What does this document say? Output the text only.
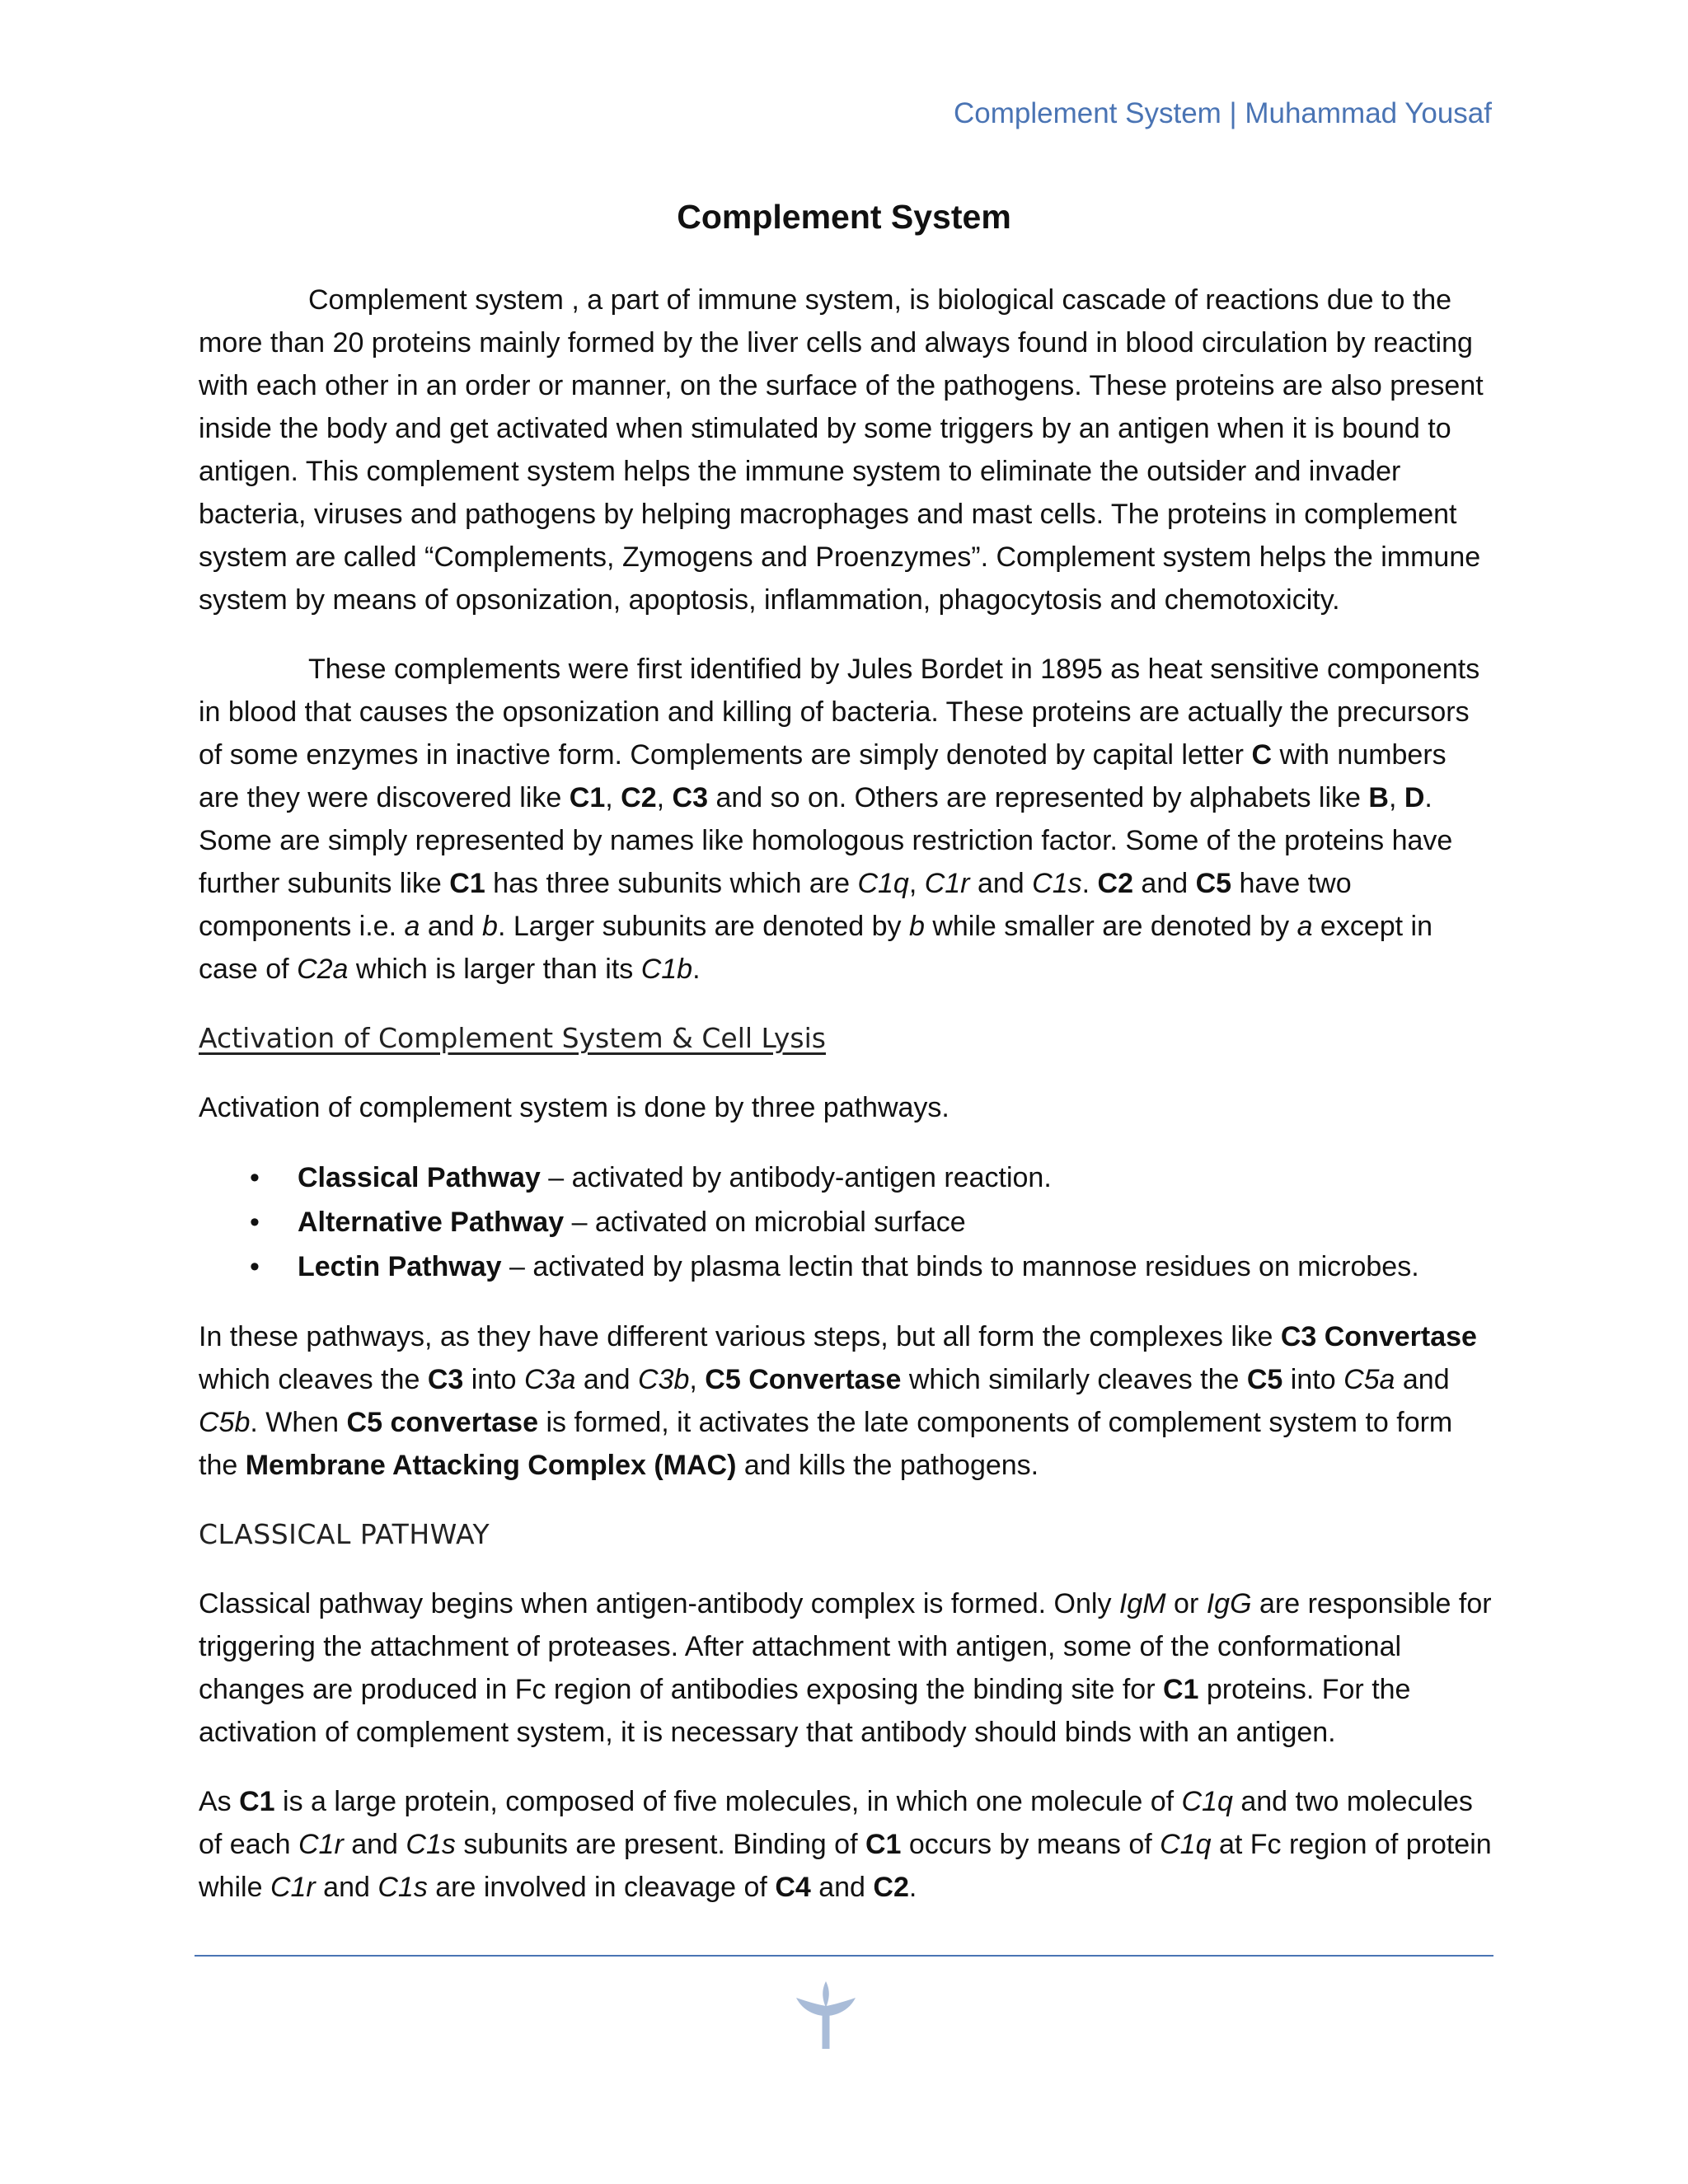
Complement System | Muhammad Yousaf
Complement System

Complement system , a part of immune system, is biological cascade of reactions due to the more than 20 proteins mainly formed by the liver cells and always found in blood circulation by reacting with each other in an order or manner, on the surface of the pathogens. These proteins are also present inside the body and get activated when stimulated by some triggers by an antigen when it is bound to antigen. This complement system helps the immune system to eliminate the outsider and invader bacteria, viruses and pathogens by helping macrophages and mast cells. The proteins in complement system are called “Complements, Zymogens and Proenzymes”. Complement system helps the immune system by means of opsonization, apoptosis, inflammation, phagocytosis and chemotoxicity.

These complements were first identified by Jules Bordet in 1895 as heat sensitive components in blood that causes the opsonization and killing of bacteria. These proteins are actually the precursors of some enzymes in inactive form. Complements are simply denoted by capital letter C with numbers are they were discovered like C1, C2, C3 and so on. Others are represented by alphabets like B, D. Some are simply represented by names like homologous restriction factor. Some of the proteins have further subunits like C1 has three subunits which are C1q, C1r and C1s. C2 and C5 have two components i.e. a and b. Larger subunits are denoted by b while smaller are denoted by a except in case of C2a which is larger than its C1b.

Activation of Complement System & Cell Lysis

Activation of complement system is done by three pathways.

• Classical Pathway – activated by antibody-antigen reaction.
• Alternative Pathway – activated on microbial surface
• Lectin Pathway – activated by plasma lectin that binds to mannose residues on microbes.

In these pathways, as they have different various steps, but all form the complexes like C3 Convertase which cleaves the C3 into C3a and C3b, C5 Convertase which similarly cleaves the C5 into C5a and C5b. When C5 convertase is formed, it activates the late components of complement system to form the Membrane Attacking Complex (MAC) and kills the pathogens.

CLASSICAL PATHWAY

Classical pathway begins when antigen-antibody complex is formed. Only IgM or IgG are responsible for triggering the attachment of proteases. After attachment with antigen, some of the conformational changes are produced in Fc region of antibodies exposing the binding site for C1 proteins. For the activation of complement system, it is necessary that antibody should binds with an antigen.

As C1 is a large protein, composed of five molecules, in which one molecule of C1q and two molecules of each C1r and C1s subunits are present. Binding of C1 occurs by means of C1q at Fc region of protein while C1r and C1s are involved in cleavage of C4 and C2.
